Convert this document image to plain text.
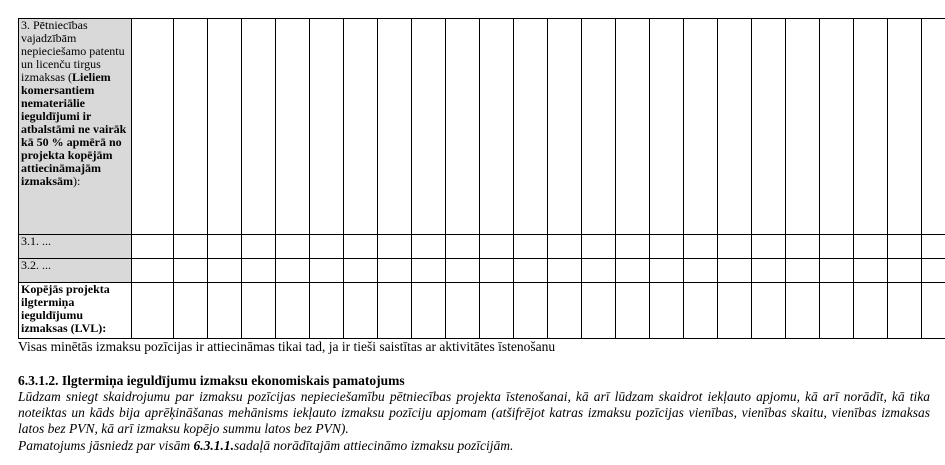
3. Pētniecības vajadzībām nepieciešamo patentu un licenču tirgus izmaksas (Lieliem komersantiem nemateriālie ieguldījumi ir atbalstāmi ne vairāk kā 50 % apmērā no projekta kopējām attiecināmajām izmaksām):																								
3.1. ...																								
3.2. ...																								
Kopējās projekta ilgtermiņa ieguldījumu izmaksas (LVL):																								
Visas minētās izmaksu pozīcijas ir attiecināmas tikai tad, ja ir tieši saistītas ar aktivitātes īstenošanu
6.3.1.2. Ilgtermiņa ieguldījumu izmaksu ekonomiskais pamatojums
Lūdzam sniegt skaidrojumu par izmaksu pozīcijas nepieciešamību pētniecības projekta īstenošanai, kā arī lūdzam skaidrot iekļauto apjomu, kā arī norādīt, kā tika noteiktas un kāds bija aprēķināšanas mehānisms iekļauto izmaksu pozīciju apjomam (atšifrējot katras izmaksu pozīcijas vienības, vienības skaitu, vienības izmaksas latos bez PVN, kā arī izmaksu kopējo summu latos bez PVN).
Pamatojums jāsniedz par visām 6.3.1.1.sadaļā norādītajām attiecināmo izmaksu pozīcijām.
